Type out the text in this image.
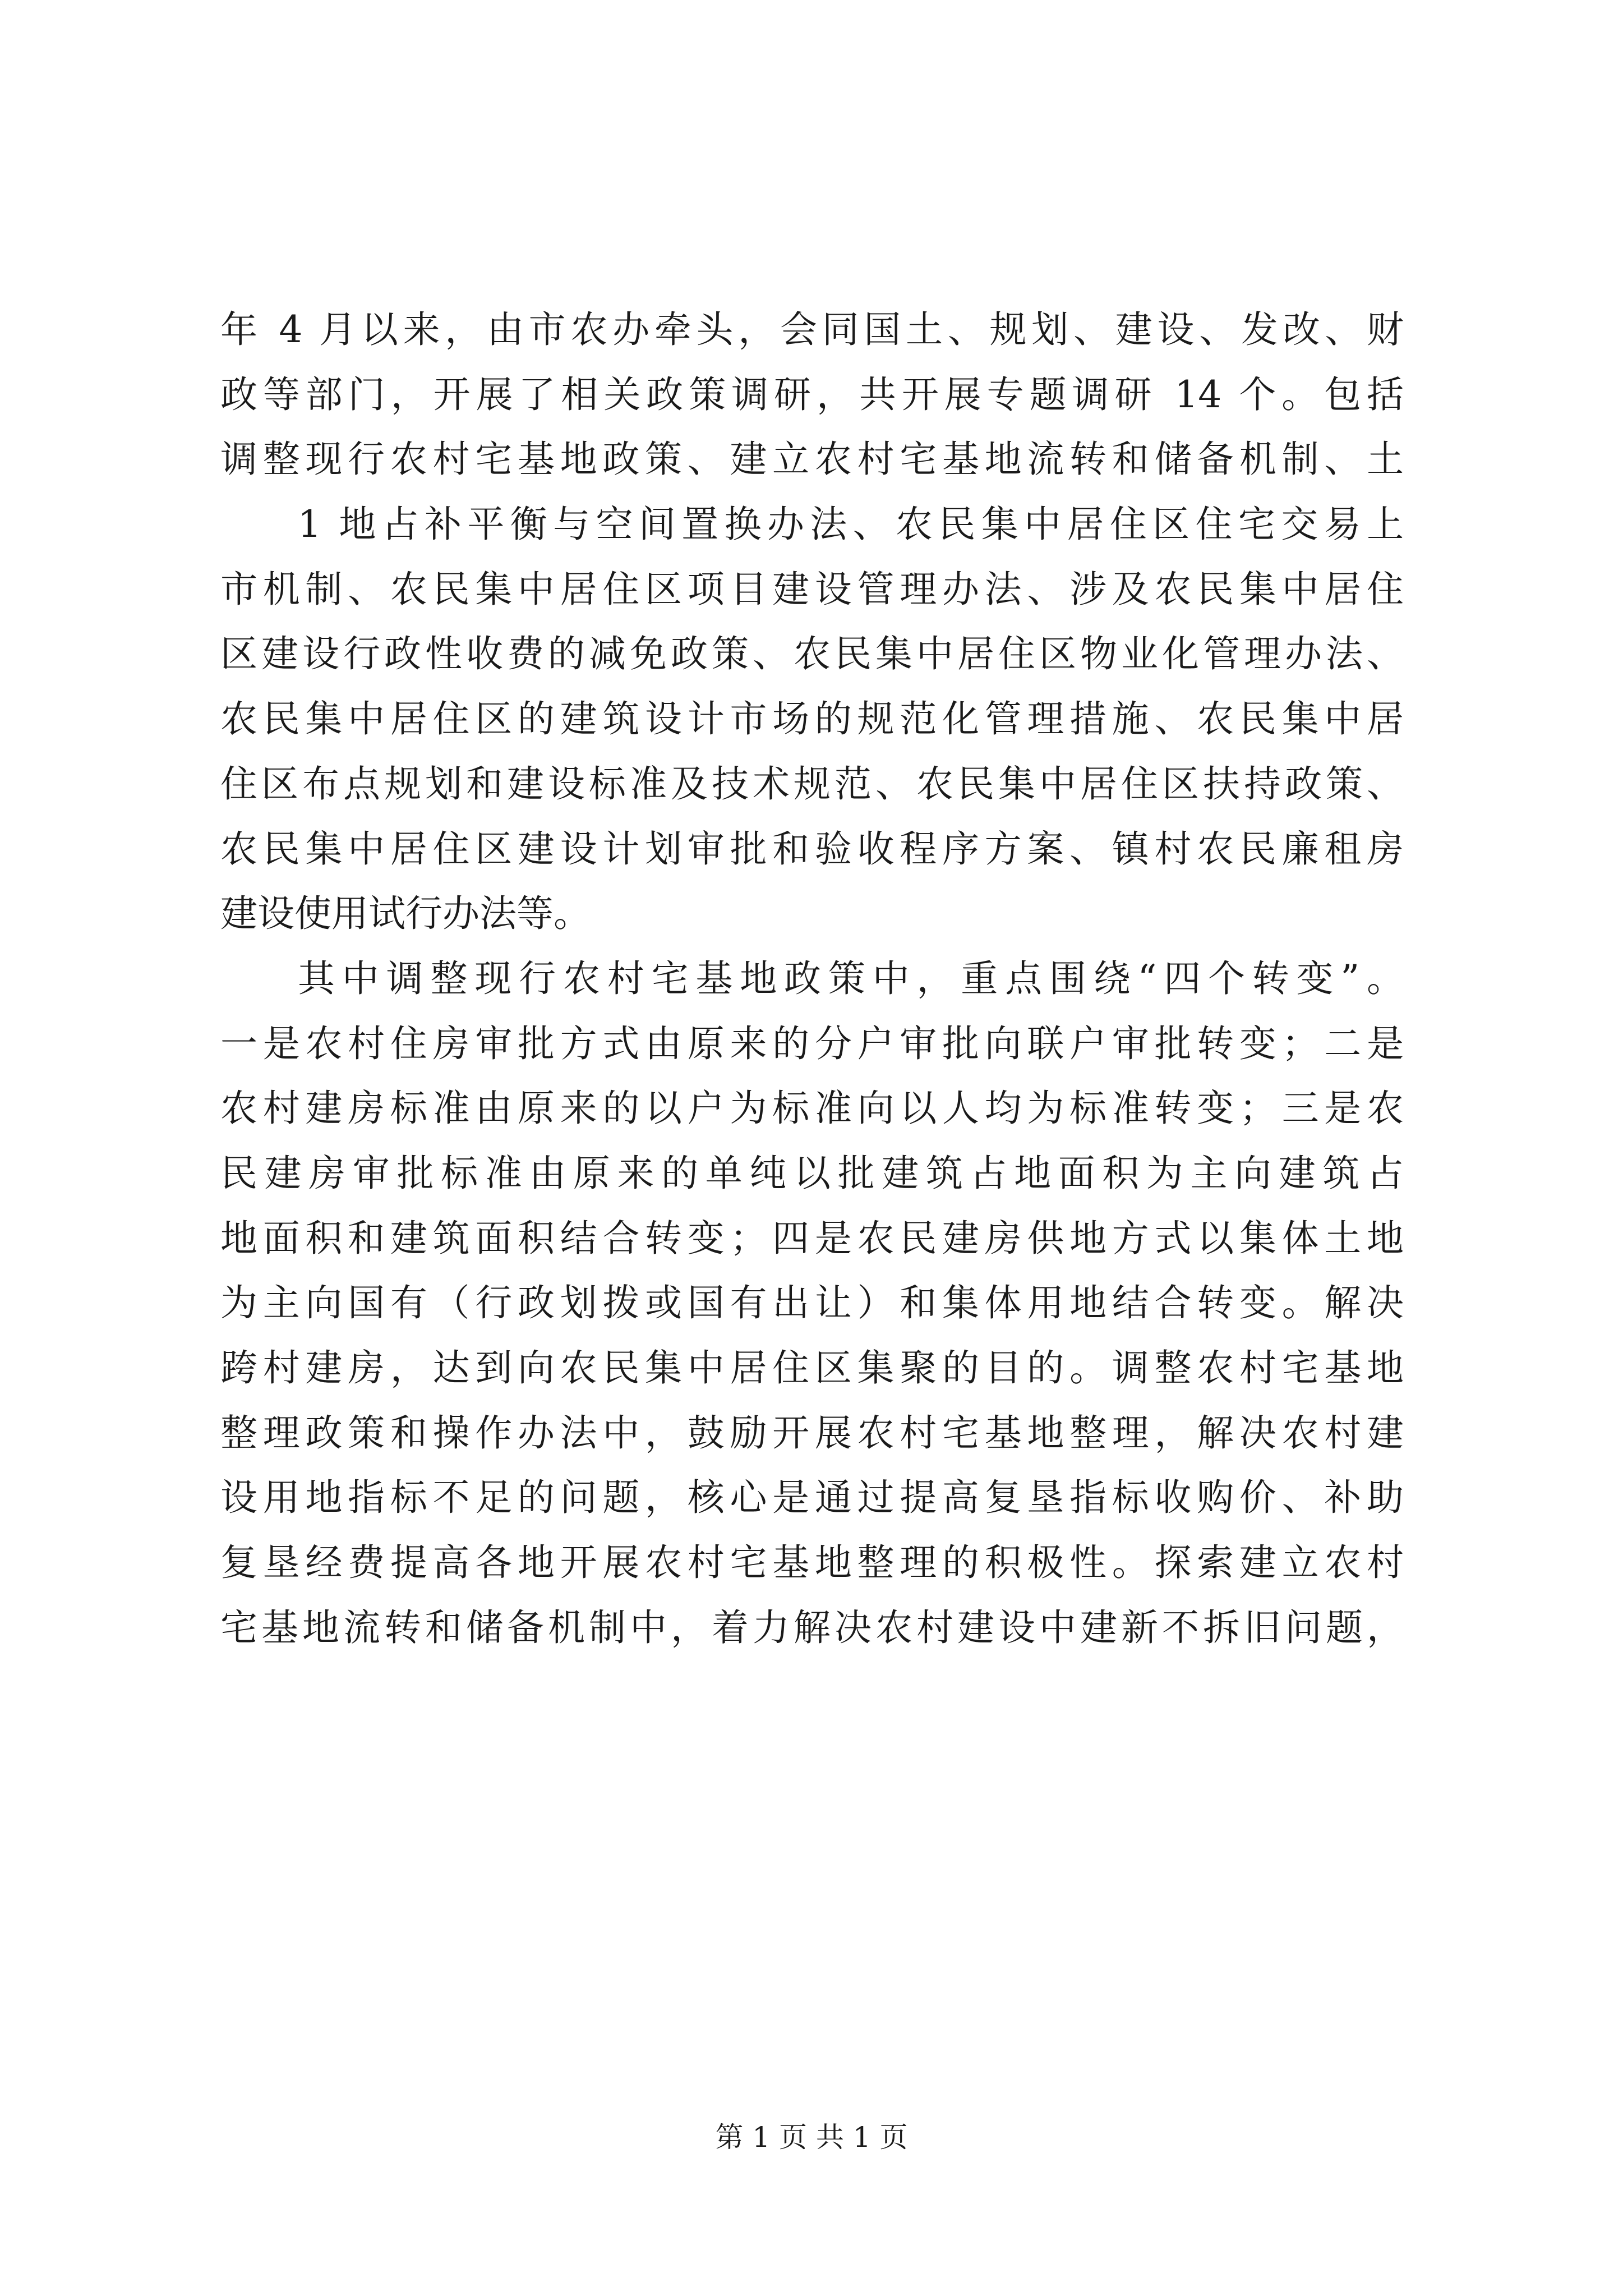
年 4 月以来，由市农办牵头，会同国土、规划、建设、发改、财
政等部门，开展了相关政策调研，共开展专题调研 14 个。包括
调整现行农村宅基地政策、建立农村宅基地流转和储备机制、土
1 地占补平衡与空间置换办法、农民集中居住区住宅交易上
市机制、农民集中居住区项目建设管理办法、涉及农民集中居住
区建设行政性收费的减免政策、农民集中居住区物业化管理办法、
农民集中居住区的建筑设计市场的规范化管理措施、农民集中居
住区布点规划和建设标准及技术规范、农民集中居住区扶持政策、
农民集中居住区建设计划审批和验收程序方案、镇村农民廉租房
建设使用试行办法等。
其中调整现行农村宅基地政策中，重点围绕“四个转变”。
一是农村住房审批方式由原来的分户审批向联户审批转变；二是
农村建房标准由原来的以户为标准向以人均为标准转变；三是农
民建房审批标准由原来的单纯以批建筑占地面积为主向建筑占
地面积和建筑面积结合转变；四是农民建房供地方式以集体土地
为主向国有（行政划拨或国有出让）和集体用地结合转变。解决
跨村建房，达到向农民集中居住区集聚的目的。调整农村宅基地
整理政策和操作办法中，鼓励开展农村宅基地整理，解决农村建
设用地指标不足的问题，核心是通过提高复垦指标收购价、补助
复垦经费提高各地开展农村宅基地整理的积极性。探索建立农村
宅基地流转和储备机制中，着力解决农村建设中建新不拆旧问题，
第 1 页 共 1 页
